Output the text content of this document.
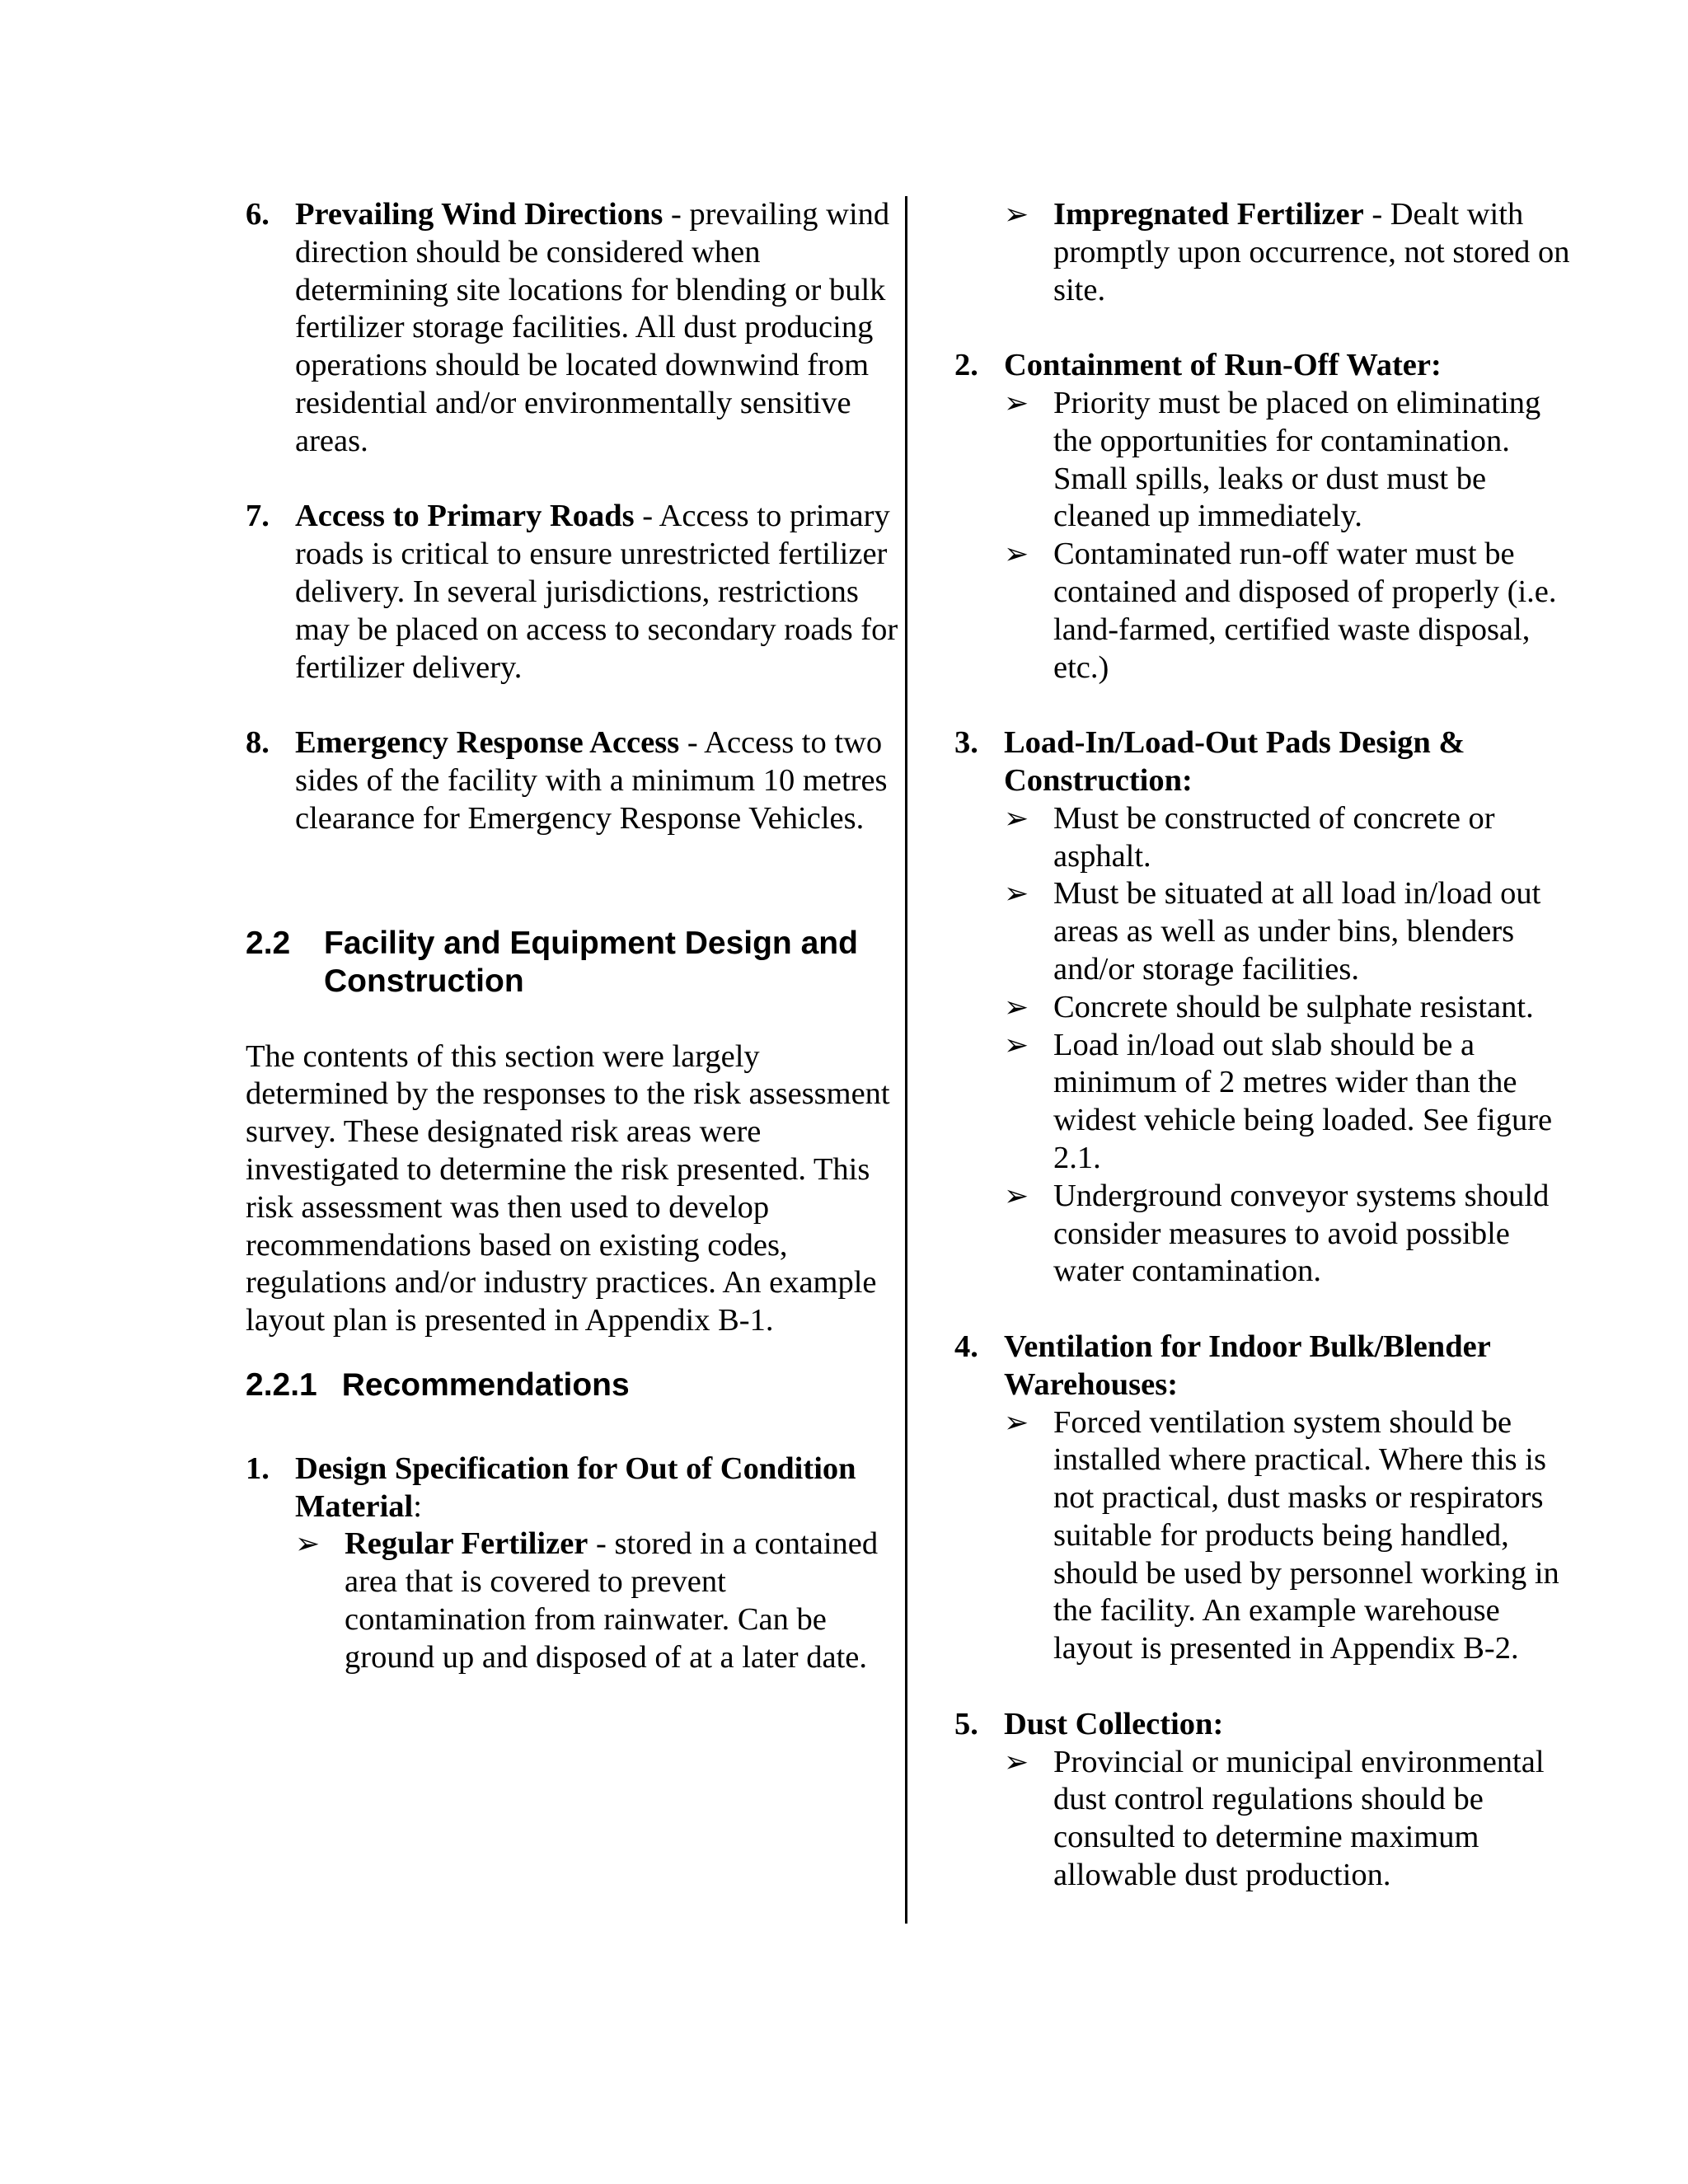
6. Prevailing Wind Directions - prevailing wind direction should be considered when determining site locations for blending or bulk fertilizer storage facilities. All dust producing operations should be located downwind from residential and/or environmentally sensitive areas.
7. Access to Primary Roads - Access to primary roads is critical to ensure unrestricted fertilizer delivery. In several jurisdictions, restrictions may be placed on access to secondary roads for fertilizer delivery.
8. Emergency Response Access - Access to two sides of the facility with a minimum 10 metres clearance for Emergency Response Vehicles.
2.2 Facility and Equipment Design and Construction
The contents of this section were largely determined by the responses to the risk assessment survey. These designated risk areas were investigated to determine the risk presented. This risk assessment was then used to develop recommendations based on existing codes, regulations and/or industry practices. An example layout plan is presented in Appendix B-1.
2.2.1 Recommendations
1. Design Specification for Out of Condition Material:
➢ Regular Fertilizer - stored in a contained area that is covered to prevent contamination from rainwater. Can be ground up and disposed of at a later date.
➢ Impregnated Fertilizer - Dealt with promptly upon occurrence, not stored on site.
2. Containment of Run-Off Water:
➢ Priority must be placed on eliminating the opportunities for contamination. Small spills, leaks or dust must be cleaned up immediately.
➢ Contaminated run-off water must be contained and disposed of properly (i.e. land-farmed, certified waste disposal, etc.)
3. Load-In/Load-Out Pads Design & Construction:
➢ Must be constructed of concrete or asphalt.
➢ Must be situated at all load in/load out areas as well as under bins, blenders and/or storage facilities.
➢ Concrete should be sulphate resistant.
➢ Load in/load out slab should be a minimum of 2 metres wider than the widest vehicle being loaded. See figure 2.1.
➢ Underground conveyor systems should consider measures to avoid possible water contamination.
4. Ventilation for Indoor Bulk/Blender Warehouses:
➢ Forced ventilation system should be installed where practical. Where this is not practical, dust masks or respirators suitable for products being handled, should be used by personnel working in the facility. An example warehouse layout is presented in Appendix B-2.
5. Dust Collection:
➢ Provincial or municipal environmental dust control regulations should be consulted to determine maximum allowable dust production.
